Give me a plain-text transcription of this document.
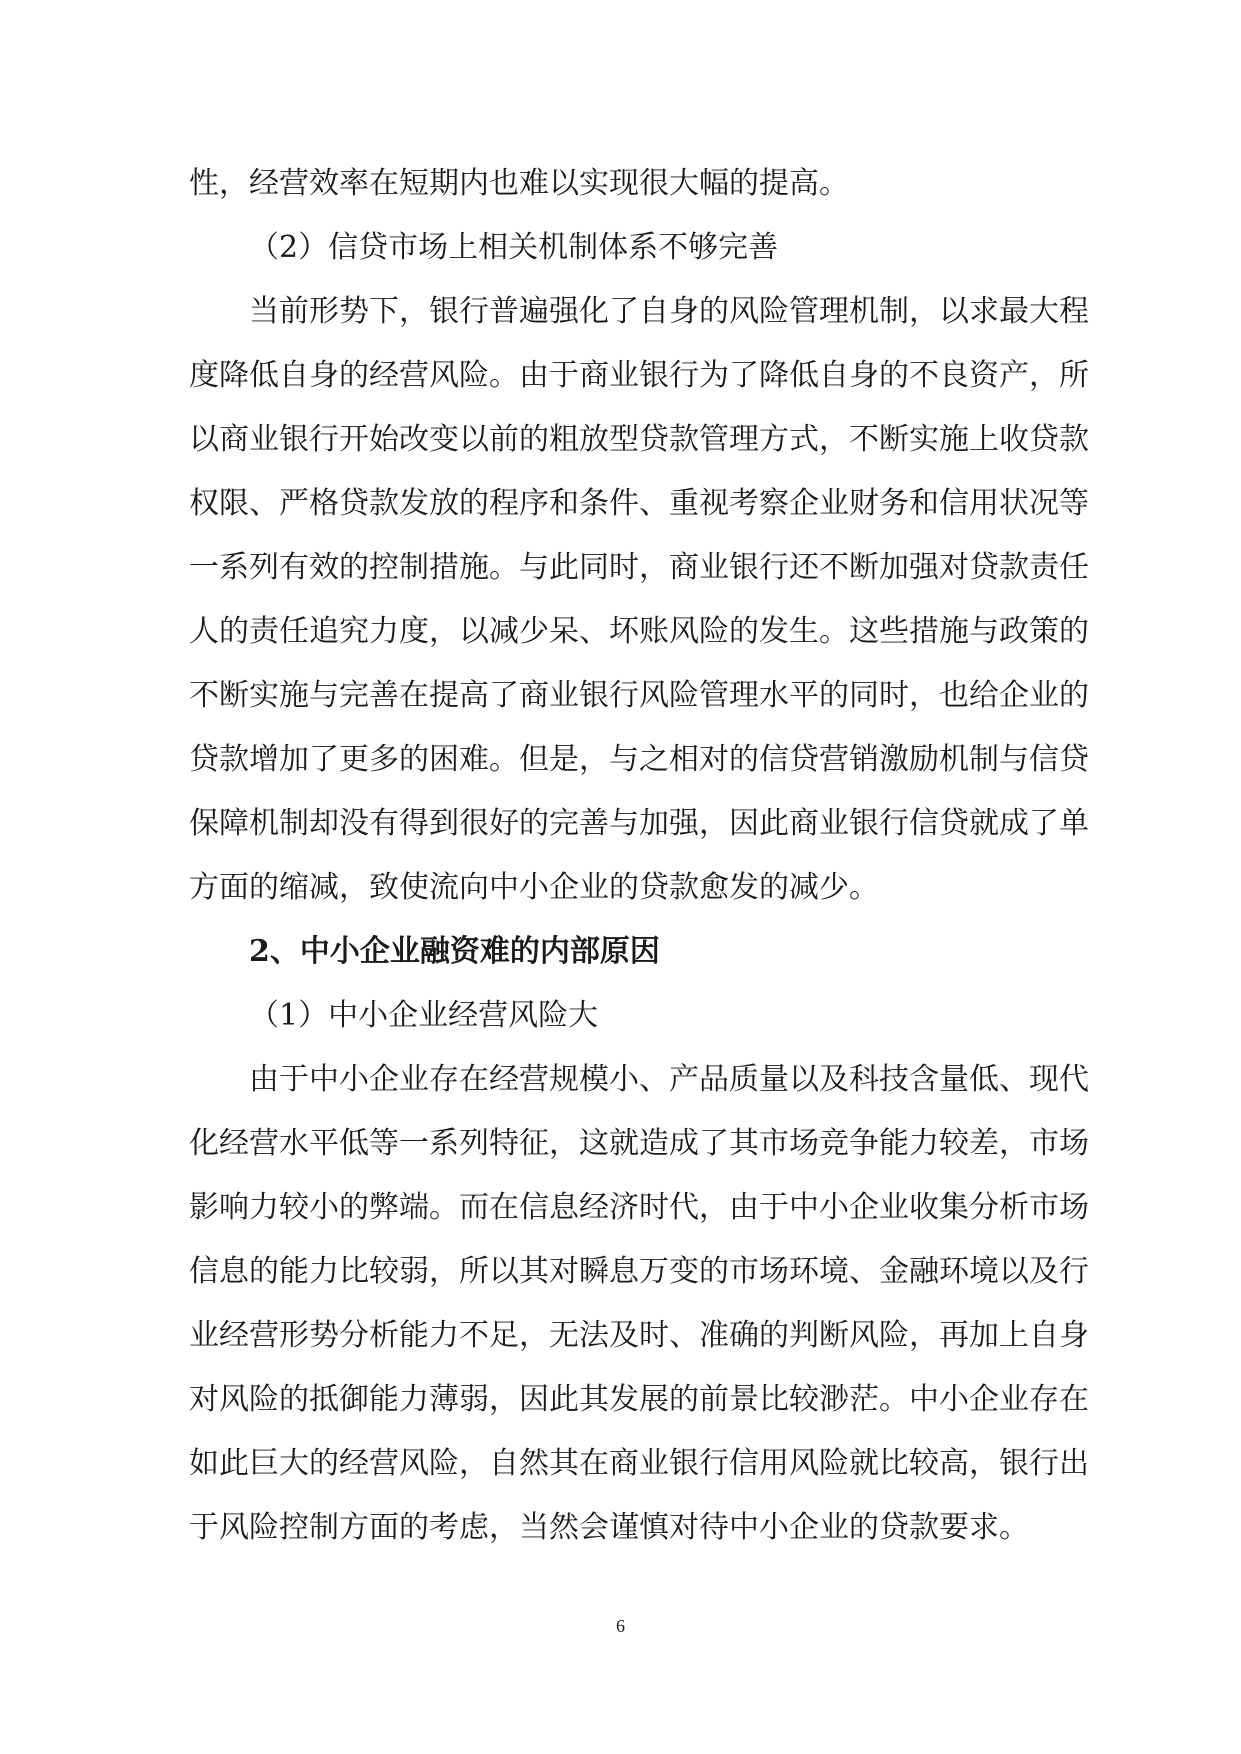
性，经营效率在短期内也难以实现很大幅的提高。
（2）信贷市场上相关机制体系不够完善
当前形势下，银行普遍强化了自身的风险管理机制，以求最大程
度降低自身的经营风险。由于商业银行为了降低自身的不良资产，所
以商业银行开始改变以前的粗放型贷款管理方式，不断实施上收贷款
权限、严格贷款发放的程序和条件、重视考察企业财务和信用状况等
一系列有效的控制措施。与此同时，商业银行还不断加强对贷款责任
人的责任追究力度，以减少呆、坏账风险的发生。这些措施与政策的
不断实施与完善在提高了商业银行风险管理水平的同时，也给企业的
贷款增加了更多的困难。但是，与之相对的信贷营销激励机制与信贷
保障机制却没有得到很好的完善与加强，因此商业银行信贷就成了单
方面的缩减，致使流向中小企业的贷款愈发的减少。
2、中小企业融资难的内部原因
（1）中小企业经营风险大
由于中小企业存在经营规模小、产品质量以及科技含量低、现代
化经营水平低等一系列特征，这就造成了其市场竞争能力较差，市场
影响力较小的弊端。而在信息经济时代，由于中小企业收集分析市场
信息的能力比较弱，所以其对瞬息万变的市场环境、金融环境以及行
业经营形势分析能力不足，无法及时、准确的判断风险，再加上自身
对风险的抵御能力薄弱，因此其发展的前景比较渺茫。中小企业存在
如此巨大的经营风险，自然其在商业银行信用风险就比较高，银行出
于风险控制方面的考虑，当然会谨慎对待中小企业的贷款要求。
6
